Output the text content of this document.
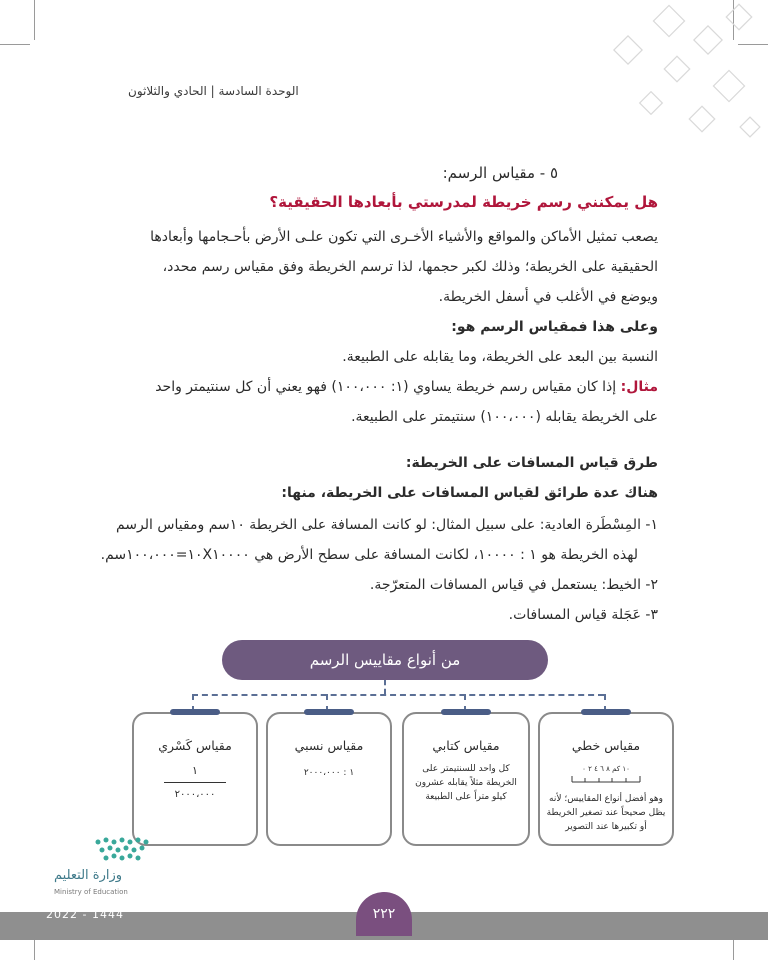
الوحدة السادسة | الحادي والثلاثون
٥ - مقياس الرسم:
هل يمكنني رسم خريطة لمدرستي بأبعادها الحقيقية؟
يصعب تمثيل الأماكن والمواقع والأشياء الأخـرى التي تكون علـى الأرض بأحـجامها وأبعادها
الحقيقية على الخريطة؛ وذلك لكبر حجمها، لذا ترسم الخريطة وفق مقياس رسم محدد،
ويوضع في الأغلب في أسفل الخريطة.
وعلى هذا فمقياس الرسم هو:
النسبة بين البعد على الخريطة، وما يقابله على الطبيعة.
مثال: إذا كان مقياس رسم خريطة يساوي (١: ١٠٠،٠٠٠) فهو يعني أن كل سنتيمتر واحد
على الخريطة يقابله (١٠٠،٠٠٠) سنتيمتر على الطبيعة.
طرق قياس المسافات على الخريطة:
هناك عدة طرائق لقياس المسافات على الخريطة، منها:
١- المِسْطَرة العادية: على سبيل المثال: لو كانت المسافة على الخريطة ١٠سم ومقياس الرسم
لهذه الخريطة هو ١ : ١٠٠٠٠، لكانت المسافة على سطح الأرض هي ١٠X١٠٠٠٠=١٠٠،٠٠٠سم.
٢- الخيط: يستعمل في قياس المسافات المتعرّجة.
٣- عَجَلة قياس المسافات.
من أنواع مقاييس الرسم
مقياس خطي
١٠ كم ٨ ٦ ٤ ٢ ٠
وهو أفضل أنواع المقاييس؛ لأنه يظل صحيحاً عند تصغير الخريطة أو تكبيرها عند التصوير
مقياس كتابي
كل واحد للسنتيمتر على الخريطة مثلاً يقابله عشرون كيلو متراً على الطبيعة
مقياس نسبي
١ : ٢٠٠٠،٠٠٠
مقياس كَسْري
١
٢٠٠٠،٠٠٠
٢٢٢
وزارة التعليم
Ministry of Education
2022 - 1444
